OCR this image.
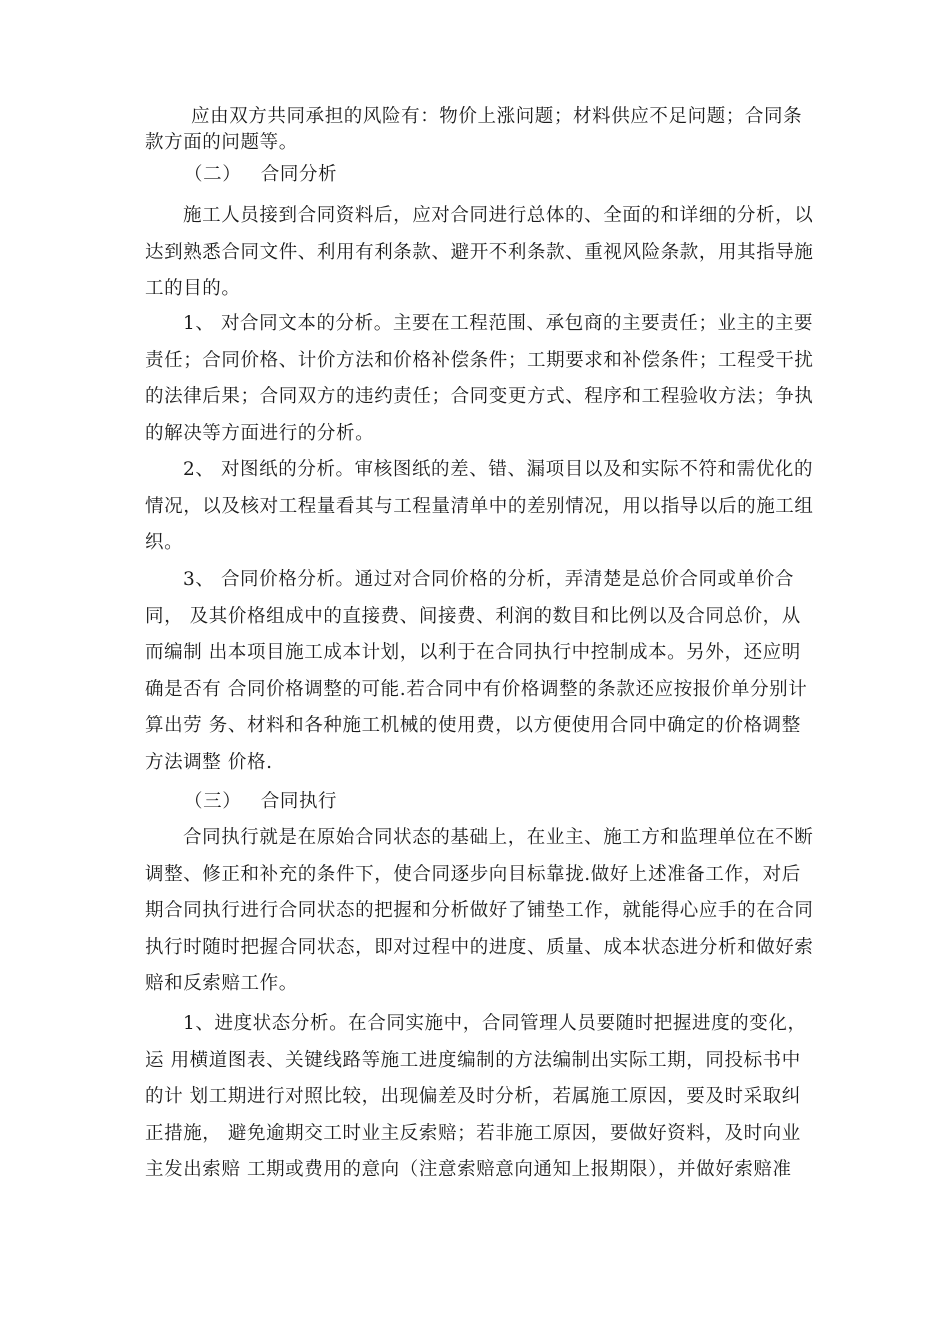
应由双方共同承担的风险有：物价上涨问题；材料供应不足问题；合同条
款方面的问题等。

（二）   合同分析

施工人员接到合同资料后，应对合同进行总体的、全面的和详细的分析，以
达到熟悉合同文件、利用有利条款、避开不利条款、重视风险条款，用其指导施
工的目的。

1、 对合同文本的分析。主要在工程范围、承包商的主要责任；业主的主要
责任；合同价格、计价方法和价格补偿条件；工期要求和补偿条件；工程受干扰
的法律后果；合同双方的违约责任；合同变更方式、程序和工程验收方法；争执
的解决等方面进行的分析。

2、 对图纸的分析。审核图纸的差、错、漏项目以及和实际不符和需优化的
情况，以及核对工程量看其与工程量清单中的差别情况，用以指导以后的施工组
织。

3、 合同价格分析。通过对合同价格的分析，弄清楚是总价合同或单价合
同， 及其价格组成中的直接费、间接费、利润的数目和比例以及合同总价，从
而编制 出本项目施工成本计划，以利于在合同执行中控制成本。另外，还应明
确是否有 合同价格调整的可能.若合同中有价格调整的条款还应按报价单分别计
算出劳 务、材料和各种施工机械的使用费，以方便使用合同中确定的价格调整
方法调整 价格.

（三）   合同执行

合同执行就是在原始合同状态的基础上，在业主、施工方和监理单位在不断
调整、修正和补充的条件下，使合同逐步向目标靠拢.做好上述准备工作，对后
期合同执行进行合同状态的把握和分析做好了铺垫工作，就能得心应手的在合同
执行时随时把握合同状态，即对过程中的进度、质量、成本状态进分析和做好索
赔和反索赔工作。

1、进度状态分析。在合同实施中，合同管理人员要随时把握进度的变化，
运 用横道图表、关键线路等施工进度编制的方法编制出实际工期，同投标书中
的计 划工期进行对照比较，出现偏差及时分析，若属施工原因，要及时采取纠
正措施， 避免逾期交工时业主反索赔；若非施工原因，要做好资料，及时向业
主发出索赔 工期或费用的意向（注意索赔意向通知上报期限），并做好索赔准
